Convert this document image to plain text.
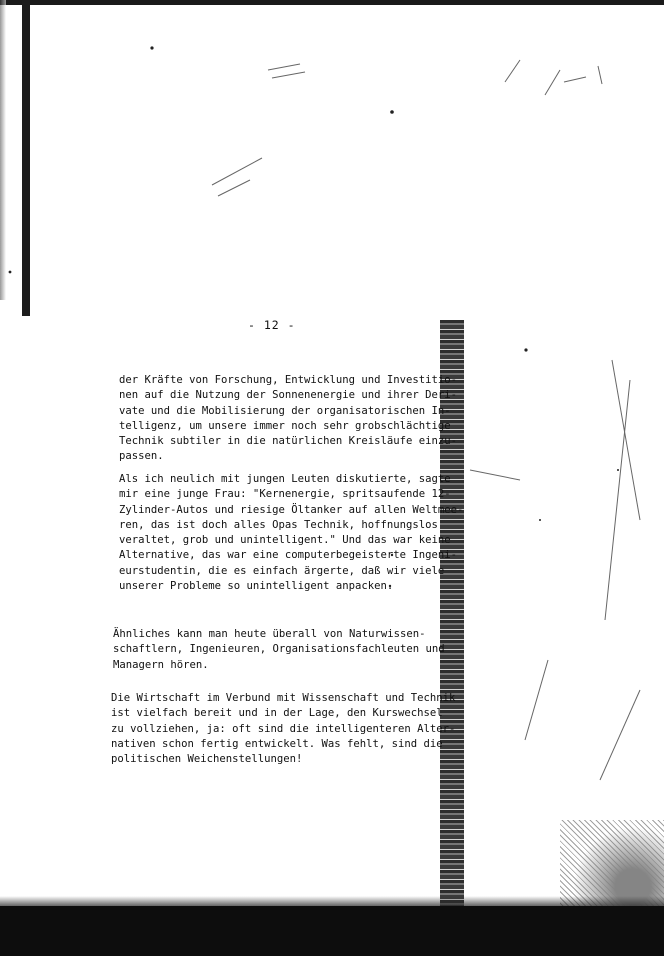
- 12 -
der Kräfte von Forschung, Entwicklung und Investitio-
nen auf die Nutzung der Sonnenenergie und ihrer Deri-
vate und die Mobilisierung der organisatorischen In-
telligenz, um unsere immer noch sehr grobschlächtige
Technik subtiler in die natürlichen Kreisläufe einzu-
passen.
Als ich neulich mit jungen Leuten diskutierte, sagte
mir eine junge Frau: "Kernenergie, spritsaufende 12-
Zylinder-Autos und riesige Öltanker auf allen Weltmee-
ren, das ist doch alles Opas Technik, hoffnungslos
veraltet, grob und unintelligent." Und das war keine
Alternative, das war eine computerbegeisterte Ingeni-
eurstudentin, die es einfach ärgerte, daß wir viele
unserer Probleme so unintelligent anpacken.
Ähnliches kann man heute überall von Naturwissen-
schaftlern, Ingenieuren, Organisationsfachleuten und
Managern hören.
Die Wirtschaft im Verbund mit Wissenschaft und Technik
ist vielfach bereit und in der Lage, den Kurswechsel
zu vollziehen, ja: oft sind die intelligenteren Alter-
nativen schon fertig entwickelt. Was fehlt, sind die
politischen Weichenstellungen!
